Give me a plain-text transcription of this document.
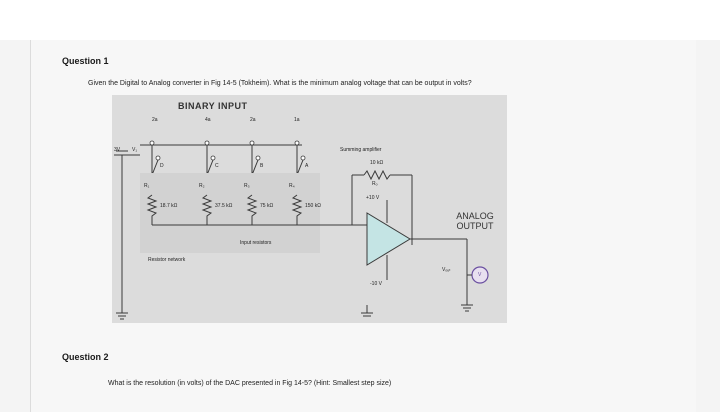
Question 1
Given the Digital to Analog converter in Fig 14-5 (Tokheim). What is the minimum analog voltage that can be output in volts?
BINARY INPUT
2a	4a	2a	1a
3V V₁
D	C	B	A
R₁	R₂	R₃	R₄
18.7 kΩ	37.5 kΩ	75 kΩ	150 kΩ
Summing amplifier
10 kΩ
Rₒ
+10 V
-10 V
Input resistors
Resistor network
ANALOG OUTPUT
Vₒᵤₜ
V
Question 2
What is the resolution (in volts) of the DAC presented in Fig 14-5? (Hint: Smallest step size)
